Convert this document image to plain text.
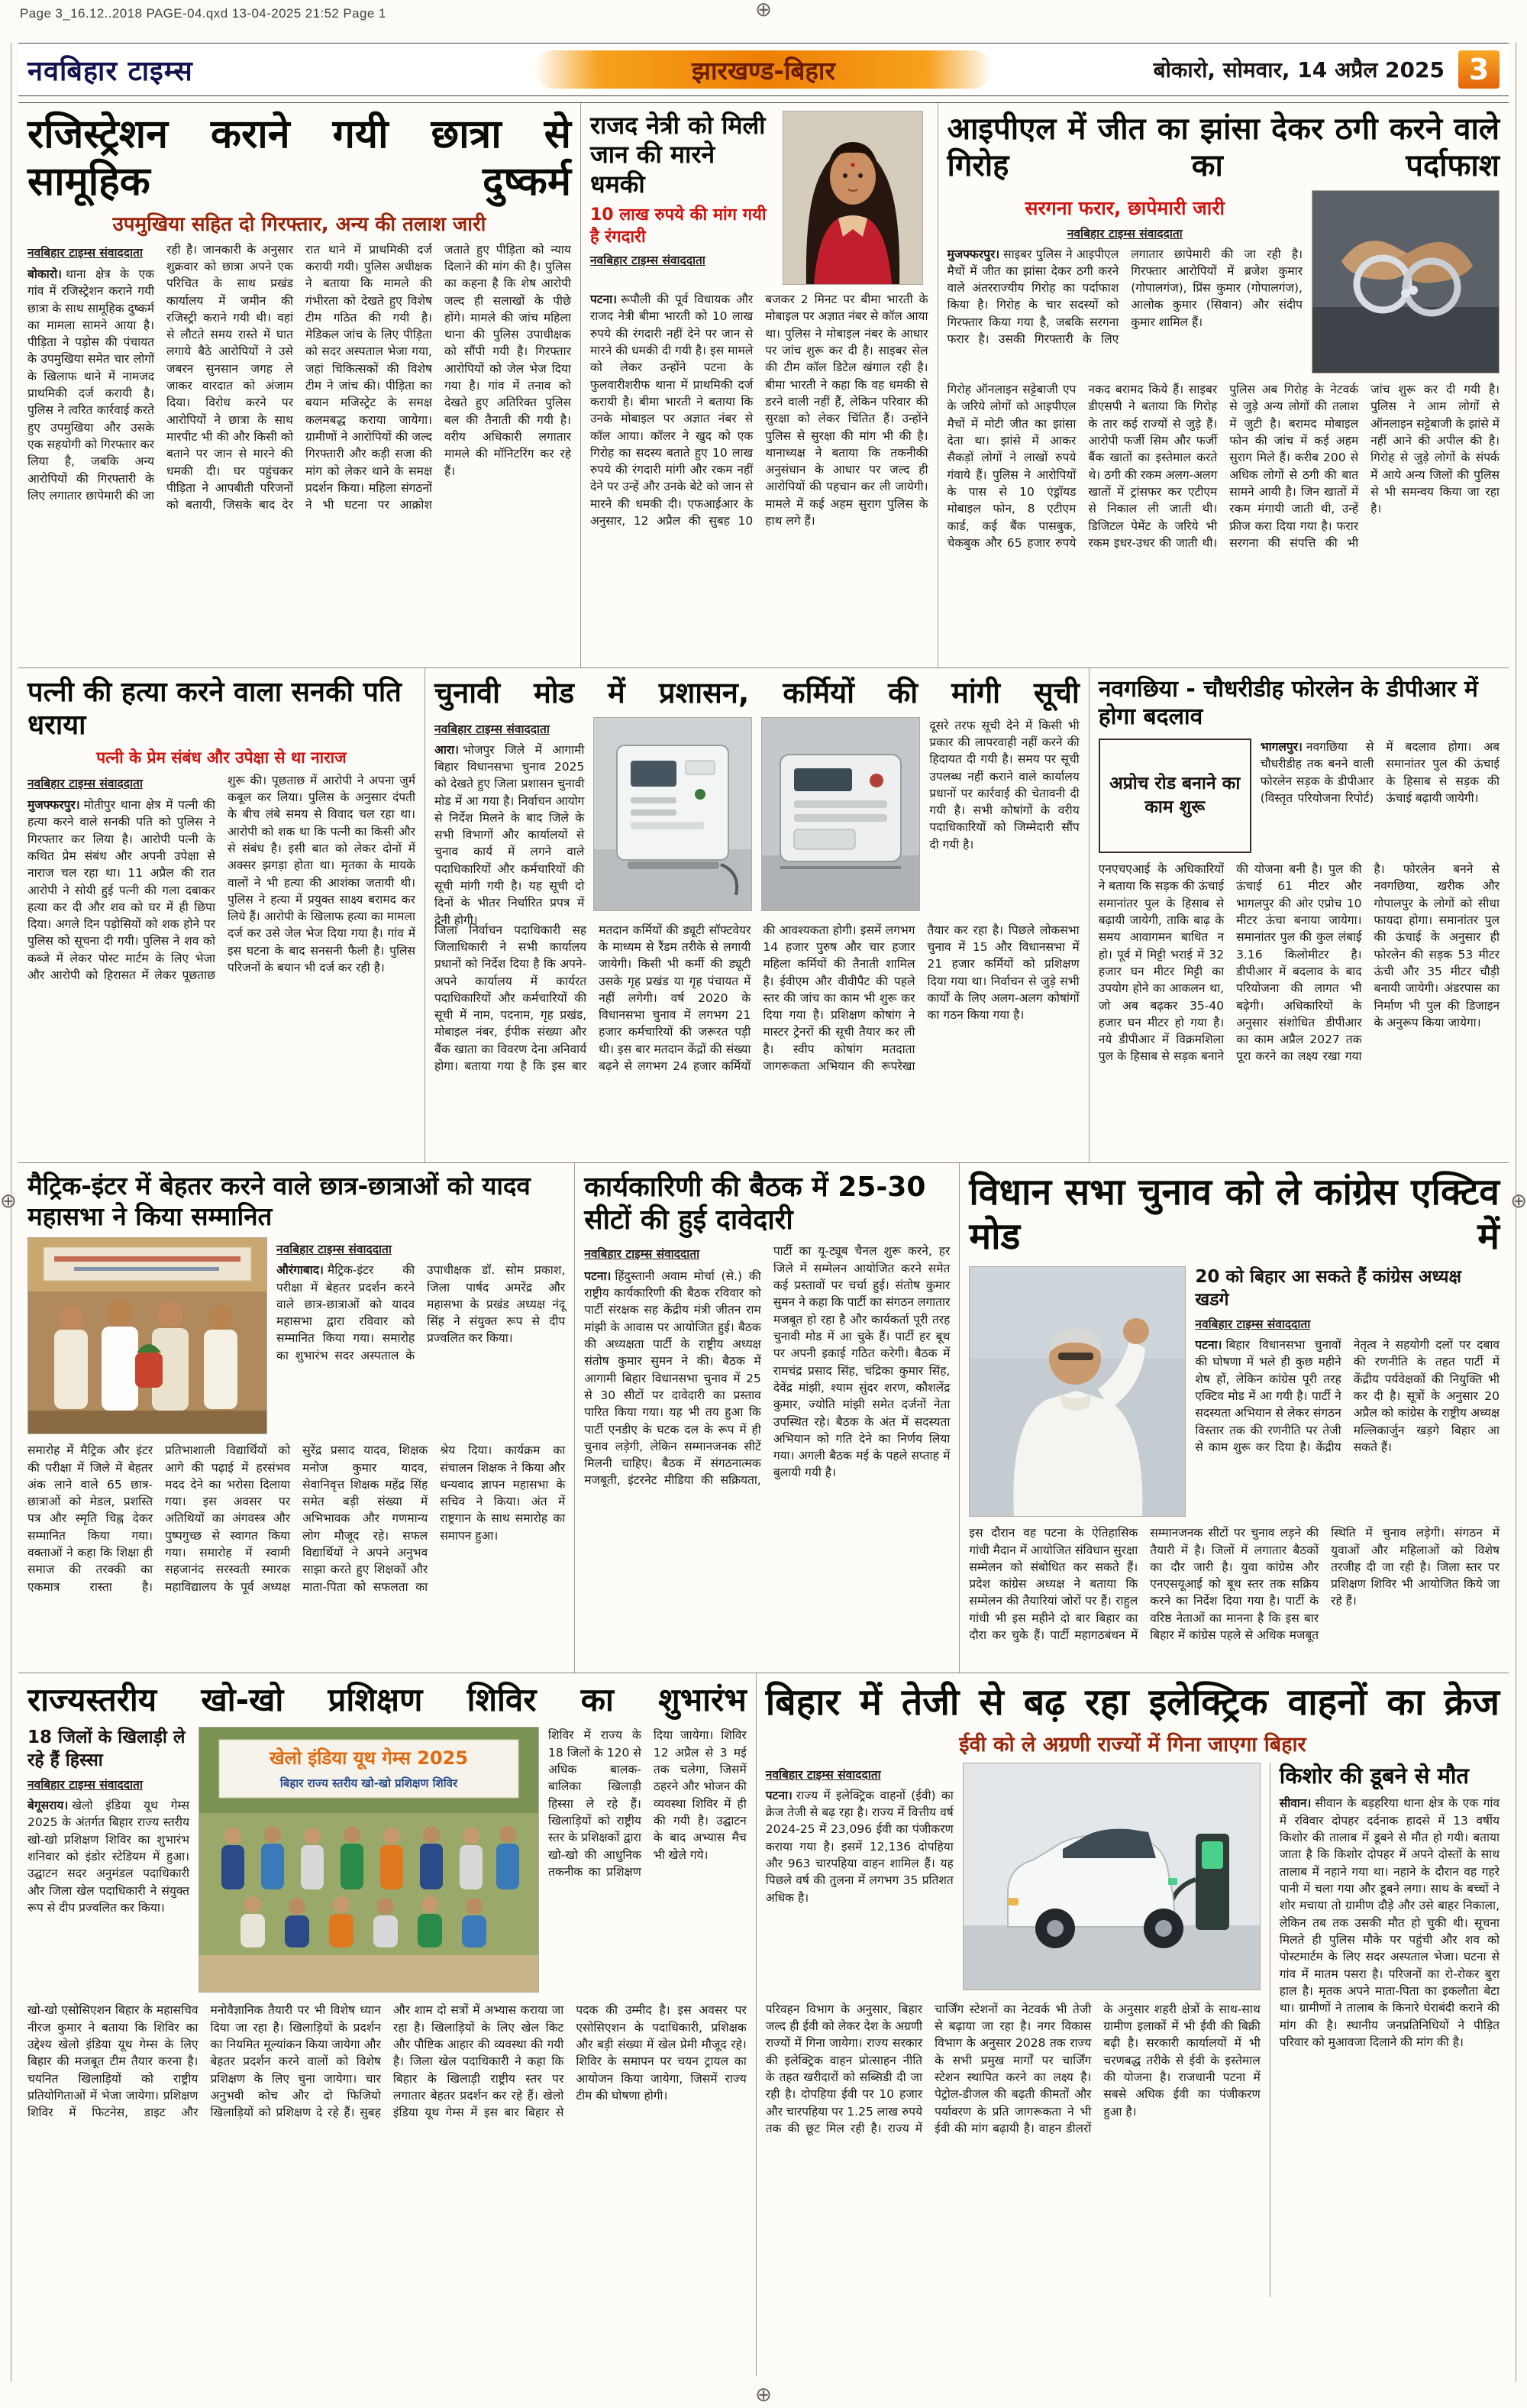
Page 3_16.12..2018 PAGE-04.qxd 13-04-2025 21:52 Page 1	⊕
⊕
⊕	⊕
नवबिहार टाइम्स	झारखण्ड-बिहार	बोकारो, सोमवार, 14 अप्रैल 2025 3
रजिस्ट्रेशन कराने गयी छात्रा से सामूहिक दुष्कर्म
उपमुखिया सहित दो गिरफ्तार, अन्य की तलाश जारी
नवबिहार टाइम्स संवाददाता
बोकारो। थाना क्षेत्र के एक गांव में रजिस्ट्रेशन कराने गयी छात्रा के साथ सामूहिक दुष्कर्म का मामला सामने आया है। पीड़िता ने पड़ोस की पंचायत के उपमुखिया समेत चार लोगों के खिलाफ थाने में नामजद प्राथमिकी दर्ज करायी है। पुलिस ने त्वरित कार्रवाई करते हुए उपमुखिया और उसके एक सहयोगी को गिरफ्तार कर लिया है, जबकि अन्य आरोपियों की गिरफ्तारी के लिए लगातार छापेमारी की जा रही है। जानकारी के अनुसार शुक्रवार को छात्रा अपने एक परिचित के साथ प्रखंड कार्यालय में जमीन की रजिस्ट्री कराने गयी थी। वहां से लौटते समय रास्ते में घात लगाये बैठे आरोपियों ने उसे जबरन सुनसान जगह ले जाकर वारदात को अंजाम दिया। विरोध करने पर आरोपियों ने छात्रा के साथ मारपीट भी की और किसी को बताने पर जान से मारने की धमकी दी। घर पहुंचकर पीड़िता ने आपबीती परिजनों को बतायी, जिसके बाद देर रात थाने में प्राथमिकी दर्ज करायी गयी। पुलिस अधीक्षक ने बताया कि मामले की गंभीरता को देखते हुए विशेष टीम गठित की गयी है। मेडिकल जांच के लिए पीड़िता को सदर अस्पताल भेजा गया, जहां चिकित्सकों की विशेष टीम ने जांच की। पीड़िता का बयान मजिस्ट्रेट के समक्ष कलमबद्ध कराया जायेगा। ग्रामीणों ने आरोपियों की जल्द गिरफ्तारी और कड़ी सजा की मांग को लेकर थाने के समक्ष प्रदर्शन किया। महिला संगठनों ने भी घटना पर आक्रोश जताते हुए पीड़िता को न्याय दिलाने की मांग की है। पुलिस का कहना है कि शेष आरोपी जल्द ही सलाखों के पीछे होंगे। मामले की जांच महिला थाना की पुलिस उपाधीक्षक को सौंपी गयी है। गिरफ्तार आरोपियों को जेल भेज दिया गया है। गांव में तनाव को देखते हुए अतिरिक्त पुलिस बल की तैनाती की गयी है। वरीय अधिकारी लगातार मामले की मॉनिटरिंग कर रहे हैं।
राजद नेत्री को मिली जान की मारने धमकी
10 लाख रुपये की मांग गयी है रंगदारी
नवबिहार टाइम्स संवाददाता
पटना। रूपौली की पूर्व विधायक और राजद नेत्री बीमा भारती को 10 लाख रुपये की रंगदारी नहीं देने पर जान से मारने की धमकी दी गयी है। इस मामले को लेकर उन्होंने पटना के फुलवारीशरीफ थाना में प्राथमिकी दर्ज करायी है। बीमा भारती ने बताया कि उनके मोबाइल पर अज्ञात नंबर से कॉल आया। कॉलर ने खुद को एक गिरोह का सदस्य बताते हुए 10 लाख रुपये की रंगदारी मांगी और रकम नहीं देने पर उन्हें और उनके बेटे को जान से मारने की धमकी दी। एफआईआर के अनुसार, 12 अप्रैल की सुबह 10 बजकर 2 मिनट पर बीमा भारती के मोबाइल पर अज्ञात नंबर से कॉल आया था। पुलिस ने मोबाइल नंबर के आधार पर जांच शुरू कर दी है। साइबर सेल की टीम कॉल डिटेल खंगाल रही है। बीमा भारती ने कहा कि वह धमकी से डरने वाली नहीं हैं, लेकिन परिवार की सुरक्षा को लेकर चिंतित हैं। उन्होंने पुलिस से सुरक्षा की मांग भी की है। थानाध्यक्ष ने बताया कि तकनीकी अनुसंधान के आधार पर जल्द ही आरोपियों की पहचान कर ली जायेगी। मामले में कई अहम सुराग पुलिस के हाथ लगे हैं।
आइपीएल में जीत का झांसा देकर ठगी करने वाले गिरोह का पर्दाफाश
सरगना फरार, छापेमारी जारी
नवबिहार टाइम्स संवाददाता
मुजफ्फरपुर। साइबर पुलिस ने आइपीएल मैचों में जीत का झांसा देकर ठगी करने वाले अंतरराज्यीय गिरोह का पर्दाफाश किया है। गिरोह के चार सदस्यों को गिरफ्तार किया गया है, जबकि सरगना फरार है। उसकी गिरफ्तारी के लिए लगातार छापेमारी की जा रही है। गिरफ्तार आरोपियों में ब्रजेश कुमार (गोपालगंज), प्रिंस कुमार (गोपालगंज), आलोक कुमार (सिवान) और संदीप कुमार शामिल हैं।
गिरोह ऑनलाइन सट्टेबाजी एप के जरिये लोगों को आइपीएल मैचों में मोटी जीत का झांसा देता था। झांसे में आकर सैकड़ों लोगों ने लाखों रुपये गंवाये हैं। पुलिस ने आरोपियों के पास से 10 एंड्रॉयड मोबाइल फोन, 8 एटीएम कार्ड, कई बैंक पासबुक, चेकबुक और 65 हजार रुपये नकद बरामद किये हैं। साइबर डीएसपी ने बताया कि गिरोह के तार कई राज्यों से जुड़े हैं। आरोपी फर्जी सिम और फर्जी बैंक खातों का इस्तेमाल करते थे। ठगी की रकम अलग-अलग खातों में ट्रांसफर कर एटीएम से निकाल ली जाती थी। डिजिटल पेमेंट के जरिये भी रकम इधर-उधर की जाती थी। पुलिस अब गिरोह के नेटवर्क से जुड़े अन्य लोगों की तलाश में जुटी है। बरामद मोबाइल फोन की जांच में कई अहम सुराग मिले हैं। करीब 200 से अधिक लोगों से ठगी की बात सामने आयी है। जिन खातों में रकम मंगायी जाती थी, उन्हें फ्रीज करा दिया गया है। फरार सरगना की संपत्ति की भी जांच शुरू कर दी गयी है। पुलिस ने आम लोगों से ऑनलाइन सट्टेबाजी के झांसे में नहीं आने की अपील की है। गिरोह से जुड़े लोगों के संपर्क में आये अन्य जिलों की पुलिस से भी समन्वय किया जा रहा है।
पत्नी की हत्या करने वाला सनकी पति धराया
पत्नी के प्रेम संबंध और उपेक्षा से था नाराज
नवबिहार टाइम्स संवाददाता
मुजफ्फरपुर। मोतीपुर थाना क्षेत्र में पत्नी की हत्या करने वाले सनकी पति को पुलिस ने गिरफ्तार कर लिया है। आरोपी पत्नी के कथित प्रेम संबंध और अपनी उपेक्षा से नाराज चल रहा था। 11 अप्रैल की रात आरोपी ने सोयी हुई पत्नी की गला दबाकर हत्या कर दी और शव को घर में ही छिपा दिया। अगले दिन पड़ोसियों को शक होने पर पुलिस को सूचना दी गयी। पुलिस ने शव को कब्जे में लेकर पोस्ट मार्टम के लिए भेजा और आरोपी को हिरासत में लेकर पूछताछ शुरू की। पूछताछ में आरोपी ने अपना जुर्म कबूल कर लिया। पुलिस के अनुसार दंपती के बीच लंबे समय से विवाद चल रहा था। आरोपी को शक था कि पत्नी का किसी और से संबंध है। इसी बात को लेकर दोनों में अक्सर झगड़ा होता था। मृतका के मायके वालों ने भी हत्या की आशंका जतायी थी। पुलिस ने हत्या में प्रयुक्त साक्ष्य बरामद कर लिये हैं। आरोपी के खिलाफ हत्या का मामला दर्ज कर उसे जेल भेज दिया गया है। गांव में इस घटना के बाद सनसनी फैली है। पुलिस परिजनों के बयान भी दर्ज कर रही है।
चुनावी मोड में प्रशासन, कर्मियों की मांगी सूची
नवबिहार टाइम्स संवाददाता
आरा। भोजपुर जिले में आगामी बिहार विधानसभा चुनाव 2025 को देखते हुए जिला प्रशासन चुनावी मोड में आ गया है। निर्वाचन आयोग से निर्देश मिलने के बाद जिले के सभी विभागों और कार्यालयों से चुनाव कार्य में लगने वाले पदाधिकारियों और कर्मचारियों की सूची मांगी गयी है। यह सूची दो दिनों के भीतर निर्धारित प्रपत्र में देनी होगी।
दूसरे तरफ सूची देने में किसी भी प्रकार की लापरवाही नहीं करने की हिदायत दी गयी है। समय पर सूची उपलब्ध नहीं कराने वाले कार्यालय प्रधानों पर कार्रवाई की चेतावनी दी गयी है। सभी कोषांगों के वरीय पदाधिकारियों को जिम्मेदारी सौंप दी गयी है।
जिला निर्वाचन पदाधिकारी सह जिलाधिकारी ने सभी कार्यालय प्रधानों को निर्देश दिया है कि अपने-अपने कार्यालय में कार्यरत पदाधिकारियों और कर्मचारियों की सूची में नाम, पदनाम, गृह प्रखंड, मोबाइल नंबर, ईपीक संख्या और बैंक खाता का विवरण देना अनिवार्य होगा। बताया गया है कि इस बार मतदान कर्मियों की ड्यूटी सॉफ्टवेयर के माध्यम से रैंडम तरीके से लगायी जायेगी। किसी भी कर्मी की ड्यूटी उसके गृह प्रखंड या गृह पंचायत में नहीं लगेगी। वर्ष 2020 के विधानसभा चुनाव में लगभग 21 हजार कर्मचारियों की जरूरत पड़ी थी। इस बार मतदान केंद्रों की संख्या बढ़ने से लगभग 24 हजार कर्मियों की आवश्यकता होगी। इसमें लगभग 14 हजार पुरुष और चार हजार महिला कर्मियों की तैनाती शामिल है। ईवीएम और वीवीपैट की पहले स्तर की जांच का काम भी शुरू कर दिया गया है। प्रशिक्षण कोषांग ने मास्टर ट्रेनरों की सूची तैयार कर ली है। स्वीप कोषांग मतदाता जागरूकता अभियान की रूपरेखा तैयार कर रहा है। पिछले लोकसभा चुनाव में 15 और विधानसभा में 21 हजार कर्मियों को प्रशिक्षण दिया गया था। निर्वाचन से जुड़े सभी कार्यों के लिए अलग-अलग कोषांगों का गठन किया गया है।
नवगछिया - चौधरीडीह फोरलेन के डीपीआर में होगा बदलाव
अप्रोच रोड बनाने का काम शुरू
भागलपुर। नवगछिया से चौधरीडीह तक बनने वाली फोरलेन सड़क के डीपीआर (विस्तृत परियोजना रिपोर्ट) में बदलाव होगा। अब समानांतर पुल की ऊंचाई के हिसाब से सड़क की ऊंचाई बढ़ायी जायेगी।
एनएचएआई के अधिकारियों ने बताया कि सड़क की ऊंचाई समानांतर पुल के हिसाब से बढ़ायी जायेगी, ताकि बाढ़ के समय आवागमन बाधित न हो। पूर्व में मिट्टी भराई में 32 हजार घन मीटर मिट्टी का उपयोग होने का आकलन था, जो अब बढ़कर 35-40 हजार घन मीटर हो गया है। नये डीपीआर में विक्रमशिला पुल के हिसाब से सड़क बनाने की योजना बनी है। पुल की ऊंचाई 61 मीटर और भागलपुर की ओर एप्रोच 10 मीटर ऊंचा बनाया जायेगा। समानांतर पुल की कुल लंबाई 3.16 किलोमीटर है। डीपीआर में बदलाव के बाद परियोजना की लागत भी बढ़ेगी। अधिकारियों के अनुसार संशोधित डीपीआर का काम अप्रैल 2027 तक पूरा करने का लक्ष्य रखा गया है। फोरलेन बनने से नवगछिया, खरीक और गोपालपुर के लोगों को सीधा फायदा होगा। समानांतर पुल की ऊंचाई के अनुसार ही फोरलेन की सड़क 53 मीटर ऊंची और 35 मीटर चौड़ी बनायी जायेगी। अंडरपास का निर्माण भी पुल की डिजाइन के अनुरूप किया जायेगा।
मैट्रिक-इंटर में बेहतर करने वाले छात्र-छात्राओं को यादव महासभा ने किया सम्मानित
नवबिहार टाइम्स संवाददाता
औरंगाबाद। मैट्रिक-इंटर की परीक्षा में बेहतर प्रदर्शन करने वाले छात्र-छात्राओं को यादव महासभा द्वारा रविवार को सम्मानित किया गया। समारोह का शुभारंभ सदर अस्पताल के उपाधीक्षक डॉ. सोम प्रकाश, जिला पार्षद अमरेंद्र और महासभा के प्रखंड अध्यक्ष नंदू सिंह ने संयुक्त रूप से दीप प्रज्वलित कर किया।
समारोह में मैट्रिक और इंटर की परीक्षा में जिले में बेहतर अंक लाने वाले 65 छात्र-छात्राओं को मेडल, प्रशस्ति पत्र और स्मृति चिह्न देकर सम्मानित किया गया। वक्ताओं ने कहा कि शिक्षा ही समाज की तरक्की का एकमात्र रास्ता है। प्रतिभाशाली विद्यार्थियों को आगे की पढ़ाई में हरसंभव मदद देने का भरोसा दिलाया गया। इस अवसर पर अतिथियों का अंगवस्त्र और पुष्पगुच्छ से स्वागत किया गया। समारोह में स्वामी सहजानंद सरस्वती स्मारक महाविद्यालय के पूर्व अध्यक्ष सुरेंद्र प्रसाद यादव, शिक्षक मनोज कुमार यादव, सेवानिवृत्त शिक्षक महेंद्र सिंह समेत बड़ी संख्या में अभिभावक और गणमान्य लोग मौजूद रहे। सफल विद्यार्थियों ने अपने अनुभव साझा करते हुए शिक्षकों और माता-पिता को सफलता का श्रेय दिया। कार्यक्रम का संचालन शिक्षक ने किया और धन्यवाद ज्ञापन महासभा के सचिव ने किया। अंत में राष्ट्रगान के साथ समारोह का समापन हुआ।
कार्यकारिणी की बैठक में 25-30 सीटों की हुई दावेदारी
नवबिहार टाइम्स संवाददाता
पटना। हिंदुस्तानी अवाम मोर्चा (से.) की राष्ट्रीय कार्यकारिणी की बैठक रविवार को पार्टी संरक्षक सह केंद्रीय मंत्री जीतन राम मांझी के आवास पर आयोजित हुई। बैठक की अध्यक्षता पार्टी के राष्ट्रीय अध्यक्ष संतोष कुमार सुमन ने की। बैठक में आगामी बिहार विधानसभा चुनाव में 25 से 30 सीटों पर दावेदारी का प्रस्ताव पारित किया गया। यह भी तय हुआ कि पार्टी एनडीए के घटक दल के रूप में ही चुनाव लड़ेगी, लेकिन सम्मानजनक सीटें मिलनी चाहिए। बैठक में संगठनात्मक मजबूती, इंटरनेट मीडिया की सक्रियता, पार्टी का यू-ट्यूब चैनल शुरू करने, हर जिले में सम्मेलन आयोजित करने समेत कई प्रस्तावों पर चर्चा हुई। संतोष कुमार सुमन ने कहा कि पार्टी का संगठन लगातार मजबूत हो रहा है और कार्यकर्ता पूरी तरह चुनावी मोड में आ चुके हैं। पार्टी हर बूथ पर अपनी इकाई गठित करेगी। बैठक में रामचंद्र प्रसाद सिंह, चंद्रिका कुमार सिंह, देवेंद्र मांझी, श्याम सुंदर शरण, कौशलेंद्र कुमार, ज्योति मांझी समेत दर्जनों नेता उपस्थित रहे। बैठक के अंत में सदस्यता अभियान को गति देने का निर्णय लिया गया। अगली बैठक मई के पहले सप्ताह में बुलायी गयी है।
विधान सभा चुनाव को ले कांग्रेस एक्टिव मोड में
20 को बिहार आ सकते हैं कांग्रेस अध्यक्ष खडगे
नवबिहार टाइम्स संवाददाता
पटना। बिहार विधानसभा चुनावों की घोषणा में भले ही कुछ महीने शेष हों, लेकिन कांग्रेस पूरी तरह एक्टिव मोड में आ गयी है। पार्टी ने सदस्यता अभियान से लेकर संगठन विस्तार तक की रणनीति पर तेजी से काम शुरू कर दिया है। केंद्रीय नेतृत्व ने सहयोगी दलों पर दबाव की रणनीति के तहत पार्टी में केंद्रीय पर्यवेक्षकों की नियुक्ति भी कर दी है। सूत्रों के अनुसार 20 अप्रैल को कांग्रेस के राष्ट्रीय अध्यक्ष मल्लिकार्जुन खड़गे बिहार आ सकते हैं।
इस दौरान वह पटना के ऐतिहासिक गांधी मैदान में आयोजित संविधान सुरक्षा सम्मेलन को संबोधित कर सकते हैं। प्रदेश कांग्रेस अध्यक्ष ने बताया कि सम्मेलन की तैयारियां जोरों पर हैं। राहुल गांधी भी इस महीने दो बार बिहार का दौरा कर चुके हैं। पार्टी महागठबंधन में सम्मानजनक सीटों पर चुनाव लड़ने की तैयारी में है। जिलों में लगातार बैठकों का दौर जारी है। युवा कांग्रेस और एनएसयूआई को बूथ स्तर तक सक्रिय करने का निर्देश दिया गया है। पार्टी के वरिष्ठ नेताओं का मानना है कि इस बार बिहार में कांग्रेस पहले से अधिक मजबूत स्थिति में चुनाव लड़ेगी। संगठन में युवाओं और महिलाओं को विशेष तरजीह दी जा रही है। जिला स्तर पर प्रशिक्षण शिविर भी आयोजित किये जा रहे हैं।
राज्यस्तरीय खो-खो प्रशिक्षण शिविर का शुभारंभ
18 जिलों के खिलाड़ी ले रहे हैं हिस्सा
नवबिहार टाइम्स संवाददाता
बेगूसराय। खेलो इंडिया यूथ गेम्स 2025 के अंतर्गत बिहार राज्य स्तरीय खो-खो प्रशिक्षण शिविर का शुभारंभ शनिवार को इंडोर स्टेडियम में हुआ। उद्घाटन सदर अनुमंडल पदाधिकारी और जिला खेल पदाधिकारी ने संयुक्त रूप से दीप प्रज्वलित कर किया।
खेलो इंडिया यूथ गेम्स 2025
बिहार राज्य स्तरीय खो-खो प्रशिक्षण शिविर
शिविर में राज्य के 18 जिलों के 120 से अधिक बालक-बालिका खिलाड़ी हिस्सा ले रहे हैं। खिलाड़ियों को राष्ट्रीय स्तर के प्रशिक्षकों द्वारा खो-खो की आधुनिक तकनीक का प्रशिक्षण दिया जायेगा। शिविर 12 अप्रैल से 3 मई तक चलेगा, जिसमें ठहरने और भोजन की व्यवस्था शिविर में ही की गयी है। उद्घाटन के बाद अभ्यास मैच भी खेले गये।
खो-खो एसोसिएशन बिहार के महासचिव नीरज कुमार ने बताया कि शिविर का उद्देश्य खेलो इंडिया यूथ गेम्स के लिए बिहार की मजबूत टीम तैयार करना है। चयनित खिलाड़ियों को राष्ट्रीय प्रतियोगिताओं में भेजा जायेगा। प्रशिक्षण शिविर में फिटनेस, डाइट और मनोवैज्ञानिक तैयारी पर भी विशेष ध्यान दिया जा रहा है। खिलाड़ियों के प्रदर्शन का नियमित मूल्यांकन किया जायेगा और बेहतर प्रदर्शन करने वालों को विशेष प्रशिक्षण के लिए चुना जायेगा। चार अनुभवी कोच और दो फिजियो खिलाड़ियों को प्रशिक्षण दे रहे हैं। सुबह और शाम दो सत्रों में अभ्यास कराया जा रहा है। खिलाड़ियों के लिए खेल किट और पौष्टिक आहार की व्यवस्था की गयी है। जिला खेल पदाधिकारी ने कहा कि बिहार के खिलाड़ी राष्ट्रीय स्तर पर लगातार बेहतर प्रदर्शन कर रहे हैं। खेलो इंडिया यूथ गेम्स में इस बार बिहार से पदक की उम्मीद है। इस अवसर पर एसोसिएशन के पदाधिकारी, प्रशिक्षक और बड़ी संख्या में खेल प्रेमी मौजूद रहे। शिविर के समापन पर चयन ट्रायल का आयोजन किया जायेगा, जिसमें राज्य टीम की घोषणा होगी।
बिहार में तेजी से बढ़ रहा इलेक्ट्रिक वाहनों का क्रेज
ईवी को ले अग्रणी राज्यों में गिना जाएगा बिहार
नवबिहार टाइम्स संवाददाता
पटना। राज्य में इलेक्ट्रिक वाहनों (ईवी) का क्रेज तेजी से बढ़ रहा है। राज्य में वित्तीय वर्ष 2024-25 में 23,096 ईवी का पंजीकरण कराया गया है। इसमें 12,136 दोपहिया और 963 चारपहिया वाहन शामिल हैं। यह पिछले वर्ष की तुलना में लगभग 35 प्रतिशत अधिक है।
परिवहन विभाग के अनुसार, बिहार जल्द ही ईवी को लेकर देश के अग्रणी राज्यों में गिना जायेगा। राज्य सरकार की इलेक्ट्रिक वाहन प्रोत्साहन नीति के तहत खरीदारों को सब्सिडी दी जा रही है। दोपहिया ईवी पर 10 हजार और चारपहिया पर 1.25 लाख रुपये तक की छूट मिल रही है। राज्य में चार्जिंग स्टेशनों का नेटवर्क भी तेजी से बढ़ाया जा रहा है। नगर विकास विभाग के अनुसार 2028 तक राज्य के सभी प्रमुख मार्गों पर चार्जिंग स्टेशन स्थापित करने का लक्ष्य है। पेट्रोल-डीजल की बढ़ती कीमतों और पर्यावरण के प्रति जागरूकता ने भी ईवी की मांग बढ़ायी है। वाहन डीलरों के अनुसार शहरी क्षेत्रों के साथ-साथ ग्रामीण इलाकों में भी ईवी की बिक्री बढ़ी है। सरकारी कार्यालयों में भी चरणबद्ध तरीके से ईवी के इस्तेमाल की योजना है। राजधानी पटना में सबसे अधिक ईवी का पंजीकरण हुआ है।
किशोर की डूबने से मौत
सीवान। सीवान के बड़हरिया थाना क्षेत्र के एक गांव में रविवार दोपहर दर्दनाक हादसे में 13 वर्षीय किशोर की तालाब में डूबने से मौत हो गयी। बताया जाता है कि किशोर दोपहर में अपने दोस्तों के साथ तालाब में नहाने गया था। नहाने के दौरान वह गहरे पानी में चला गया और डूबने लगा। साथ के बच्चों ने शोर मचाया तो ग्रामीण दौड़े और उसे बाहर निकाला, लेकिन तब तक उसकी मौत हो चुकी थी। सूचना मिलते ही पुलिस मौके पर पहुंची और शव को पोस्टमार्टम के लिए सदर अस्पताल भेजा। घटना से गांव में मातम पसरा है। परिजनों का रो-रोकर बुरा हाल है। मृतक अपने माता-पिता का इकलौता बेटा था। ग्रामीणों ने तालाब के किनारे घेराबंदी कराने की मांग की है। स्थानीय जनप्रतिनिधियों ने पीड़ित परिवार को मुआवजा दिलाने की मांग की है।
